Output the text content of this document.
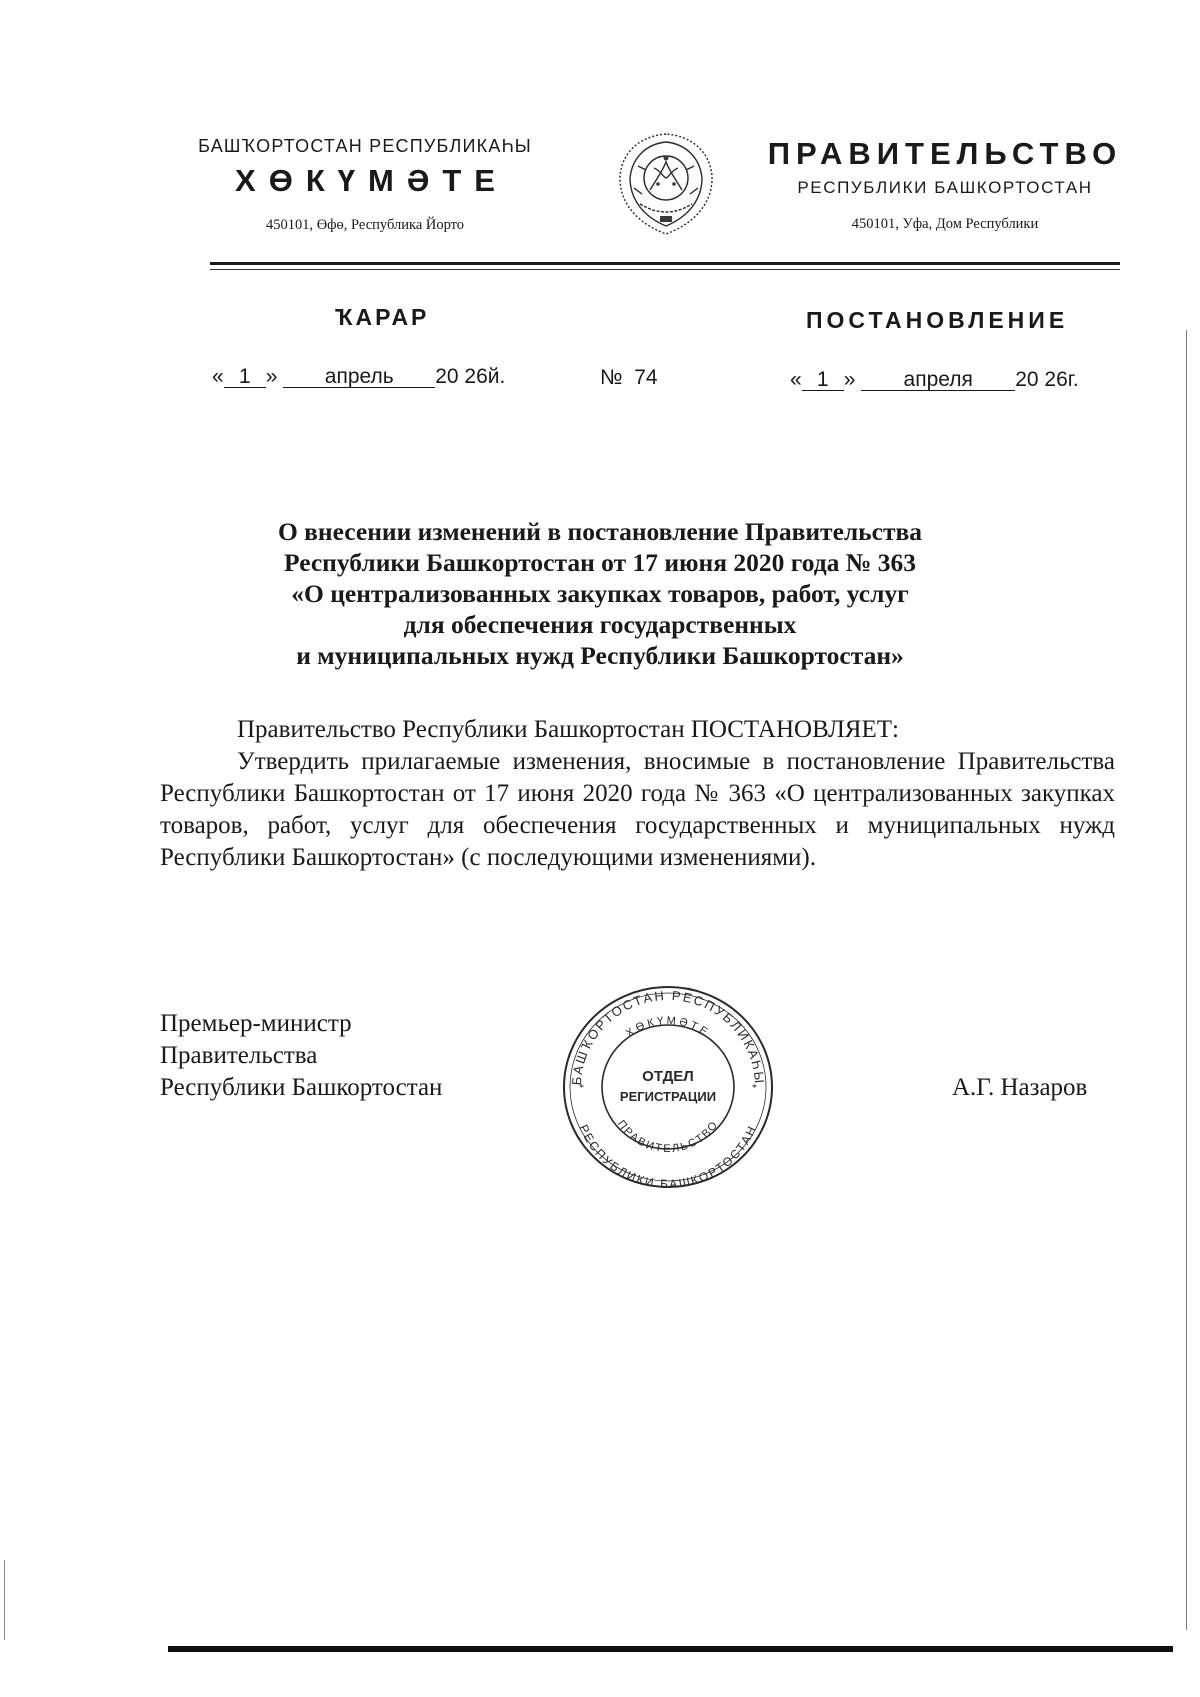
БАШҠОРТОСТАН РЕСПУБЛИКАҺЫ
ХӨКҮМӘТЕ
450101, Өфө, Республика Йорто
ПРАВИТЕЛЬСТВО
РЕСПУБЛИКИ БАШКОРТОСТАН
450101, Уфа, Дом Республики
ҠАРАР	ПОСТАНОВЛЕНИЕ
« 1 » апрель 20 26й.	№ 74	« 1 » апреля 20 26г.
О внесении изменений в постановление Правительства
Республики Башкортостан от 17 июня 2020 года № 363
«О централизованных закупках товаров, работ, услуг
для обеспечения государственных
и муниципальных нужд Республики Башкортостан»
Правительство Республики Башкортостан ПОСТАНОВЛЯЕТ:
Утвердить прилагаемые изменения, вносимые в постановление Правительства Республики Башкортостан от 17 июня 2020 года № 363 «О централизованных закупках товаров, работ, услуг для обеспечения государственных и муниципальных нужд Республики Башкортостан» (с последующими изменениями).
Премьер-министр
Правительства
Республики Башкортостан	А.Г. Назаров
БАШҠОРТОСТАН РЕСПУБЛИКАҺЫ
ХӨКҮМӘТЕ
ОТДЕЛ
РЕГИСТРАЦИИ
ПРАВИТЕЛЬСТВО
РЕСПУБЛИКИ БАШКОРТОСТАН
*	*
